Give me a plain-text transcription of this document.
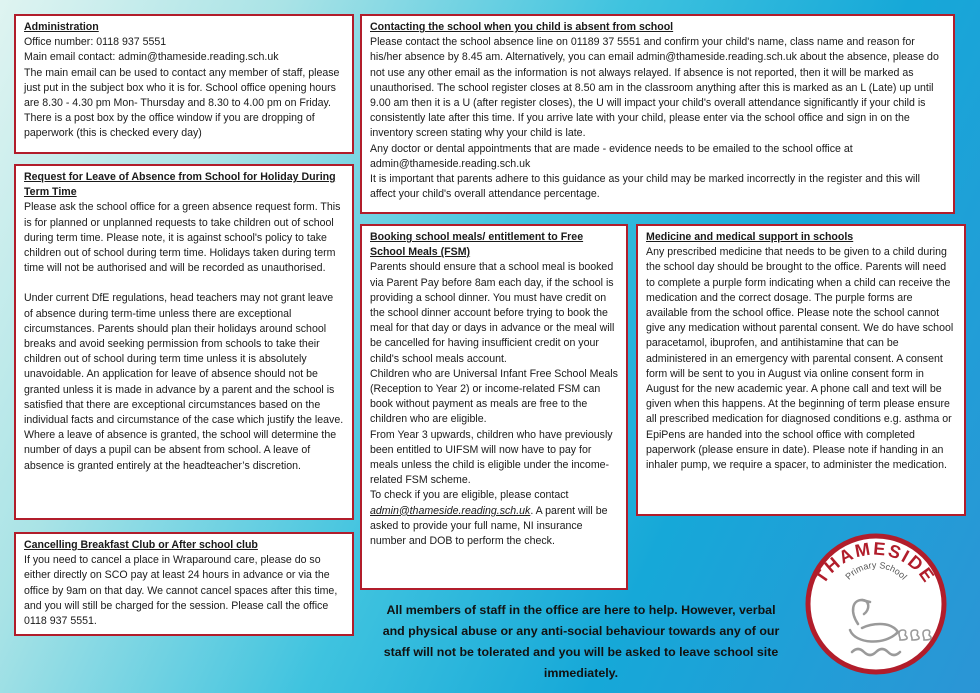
Administration

Office number: 0118 937 5551

Main email contact: admin@thameside.reading.sch.uk

The main email can be used to contact any member of staff, please just put in the subject box who it is for. School office opening hours are 8.30 - 4.30 pm Mon- Thursday and 8.30 to 4.00 pm on Friday. There is a post box by the office window if you are dropping of paperwork (this is checked every day)

Request for Leave of Absence from School for Holiday During Term Time

Please ask the school office for a green absence request form. This is for planned or unplanned requests to take children out of school during term time. Please note, it is against school's policy to take children out of school during term time. Holidays taken during term time will not be authorised and will be recorded as unauthorised.

Under current DfE regulations, head teachers may not grant leave of absence during term-time unless there are exceptional circumstances. Parents should plan their holidays around school breaks and avoid seeking permission from schools to take their children out of school during term time unless it is absolutely unavoidable. An application for leave of absence should not be granted unless it is made in advance by a parent and the school is satisfied that there are exceptional circumstances based on the individual facts and circumstance of the case which justify the leave. Where a leave of absence is granted, the school will determine the number of days a pupil can be absent from school. A leave of absence is granted entirely at the headteacher’s discretion.

Cancelling Breakfast Club or After school club

If you need to cancel a place in Wraparound care, please do so either directly on SCO pay at least 24 hours in advance or via the office by 9am on that day. We cannot cancel spaces after this time, and you will still be charged for the session. Please call the office 0118 937 5551.

Contacting the school when you child is absent from school

Please contact the school absence line on 01189 37 5551 and confirm your child's name, class name and reason for his/her absence by 8.45 am. Alternatively, you can email admin@thameside.reading.sch.uk about the absence, please do not use any other email as the information is not always relayed. If absence is not reported, then it will be marked as unauthorised. The school register closes at 8.50 am in the classroom anything after this is marked as an L (Late) up until 9.00 am then it is a U (after register closes), the U will impact your child's overall attendance significantly if your child is consistently late after this time. If you arrive late with your child, please enter via the school office and sign in on the inventory screen stating why your child is late.

Any doctor or dental appointments that are made - evidence needs to be emailed to the school office at admin@thameside.reading.sch.uk

It is important that parents adhere to this guidance as your child may be marked incorrectly in the register and this will affect your child's overall attendance percentage.

Booking school meals/ entitlement to Free School Meals (FSM)

Parents should ensure that a school meal is booked via Parent Pay before 8am each day, if the school is providing a school dinner. You must have credit on the school dinner account before trying to book the meal for that day or days in advance or the meal will be cancelled for having insufficient credit on your child's school meals account.

Children who are Universal Infant Free School Meals (Reception to Year 2) or income-related FSM can book without payment as meals are free to the children who are eligible.

From Year 3 upwards, children who have previously been entitled to UIFSM will now have to pay for meals unless the child is eligible under the income-related FSM scheme.

To check if you are eligible, please contact admin@thameside.reading.sch.uk. A parent will be asked to provide your full name, NI insurance number and DOB to perform the check.

Medicine and medical support in schools

Any prescribed medicine that needs to be given to a child during the school day should be brought to the office. Parents will need to complete a purple form indicating when a child can receive the medication and the correct dosage. The purple forms are available from the school office. Please note the school cannot give any medication without parental consent. We do have school paracetamol, ibuprofen, and antihistamine that can be administered in an emergency with parental consent. A consent form will be sent to you in August via online consent form in August for the new academic year. A phone call and text will be given when this happens. At the beginning of term please ensure all prescribed medication for diagnosed conditions e.g. asthma or EpiPens are handed into the school office with completed paperwork (please ensure in date). Please note if handing in an inhaler pump, we require a spacer, to administer the medication.

All members of staff in the office are here to help. However, verbal and physical abuse or any anti-social behaviour towards any of our staff will not be tolerated and you will be asked to leave school site immediately.
THAMESIDE
Primary School
